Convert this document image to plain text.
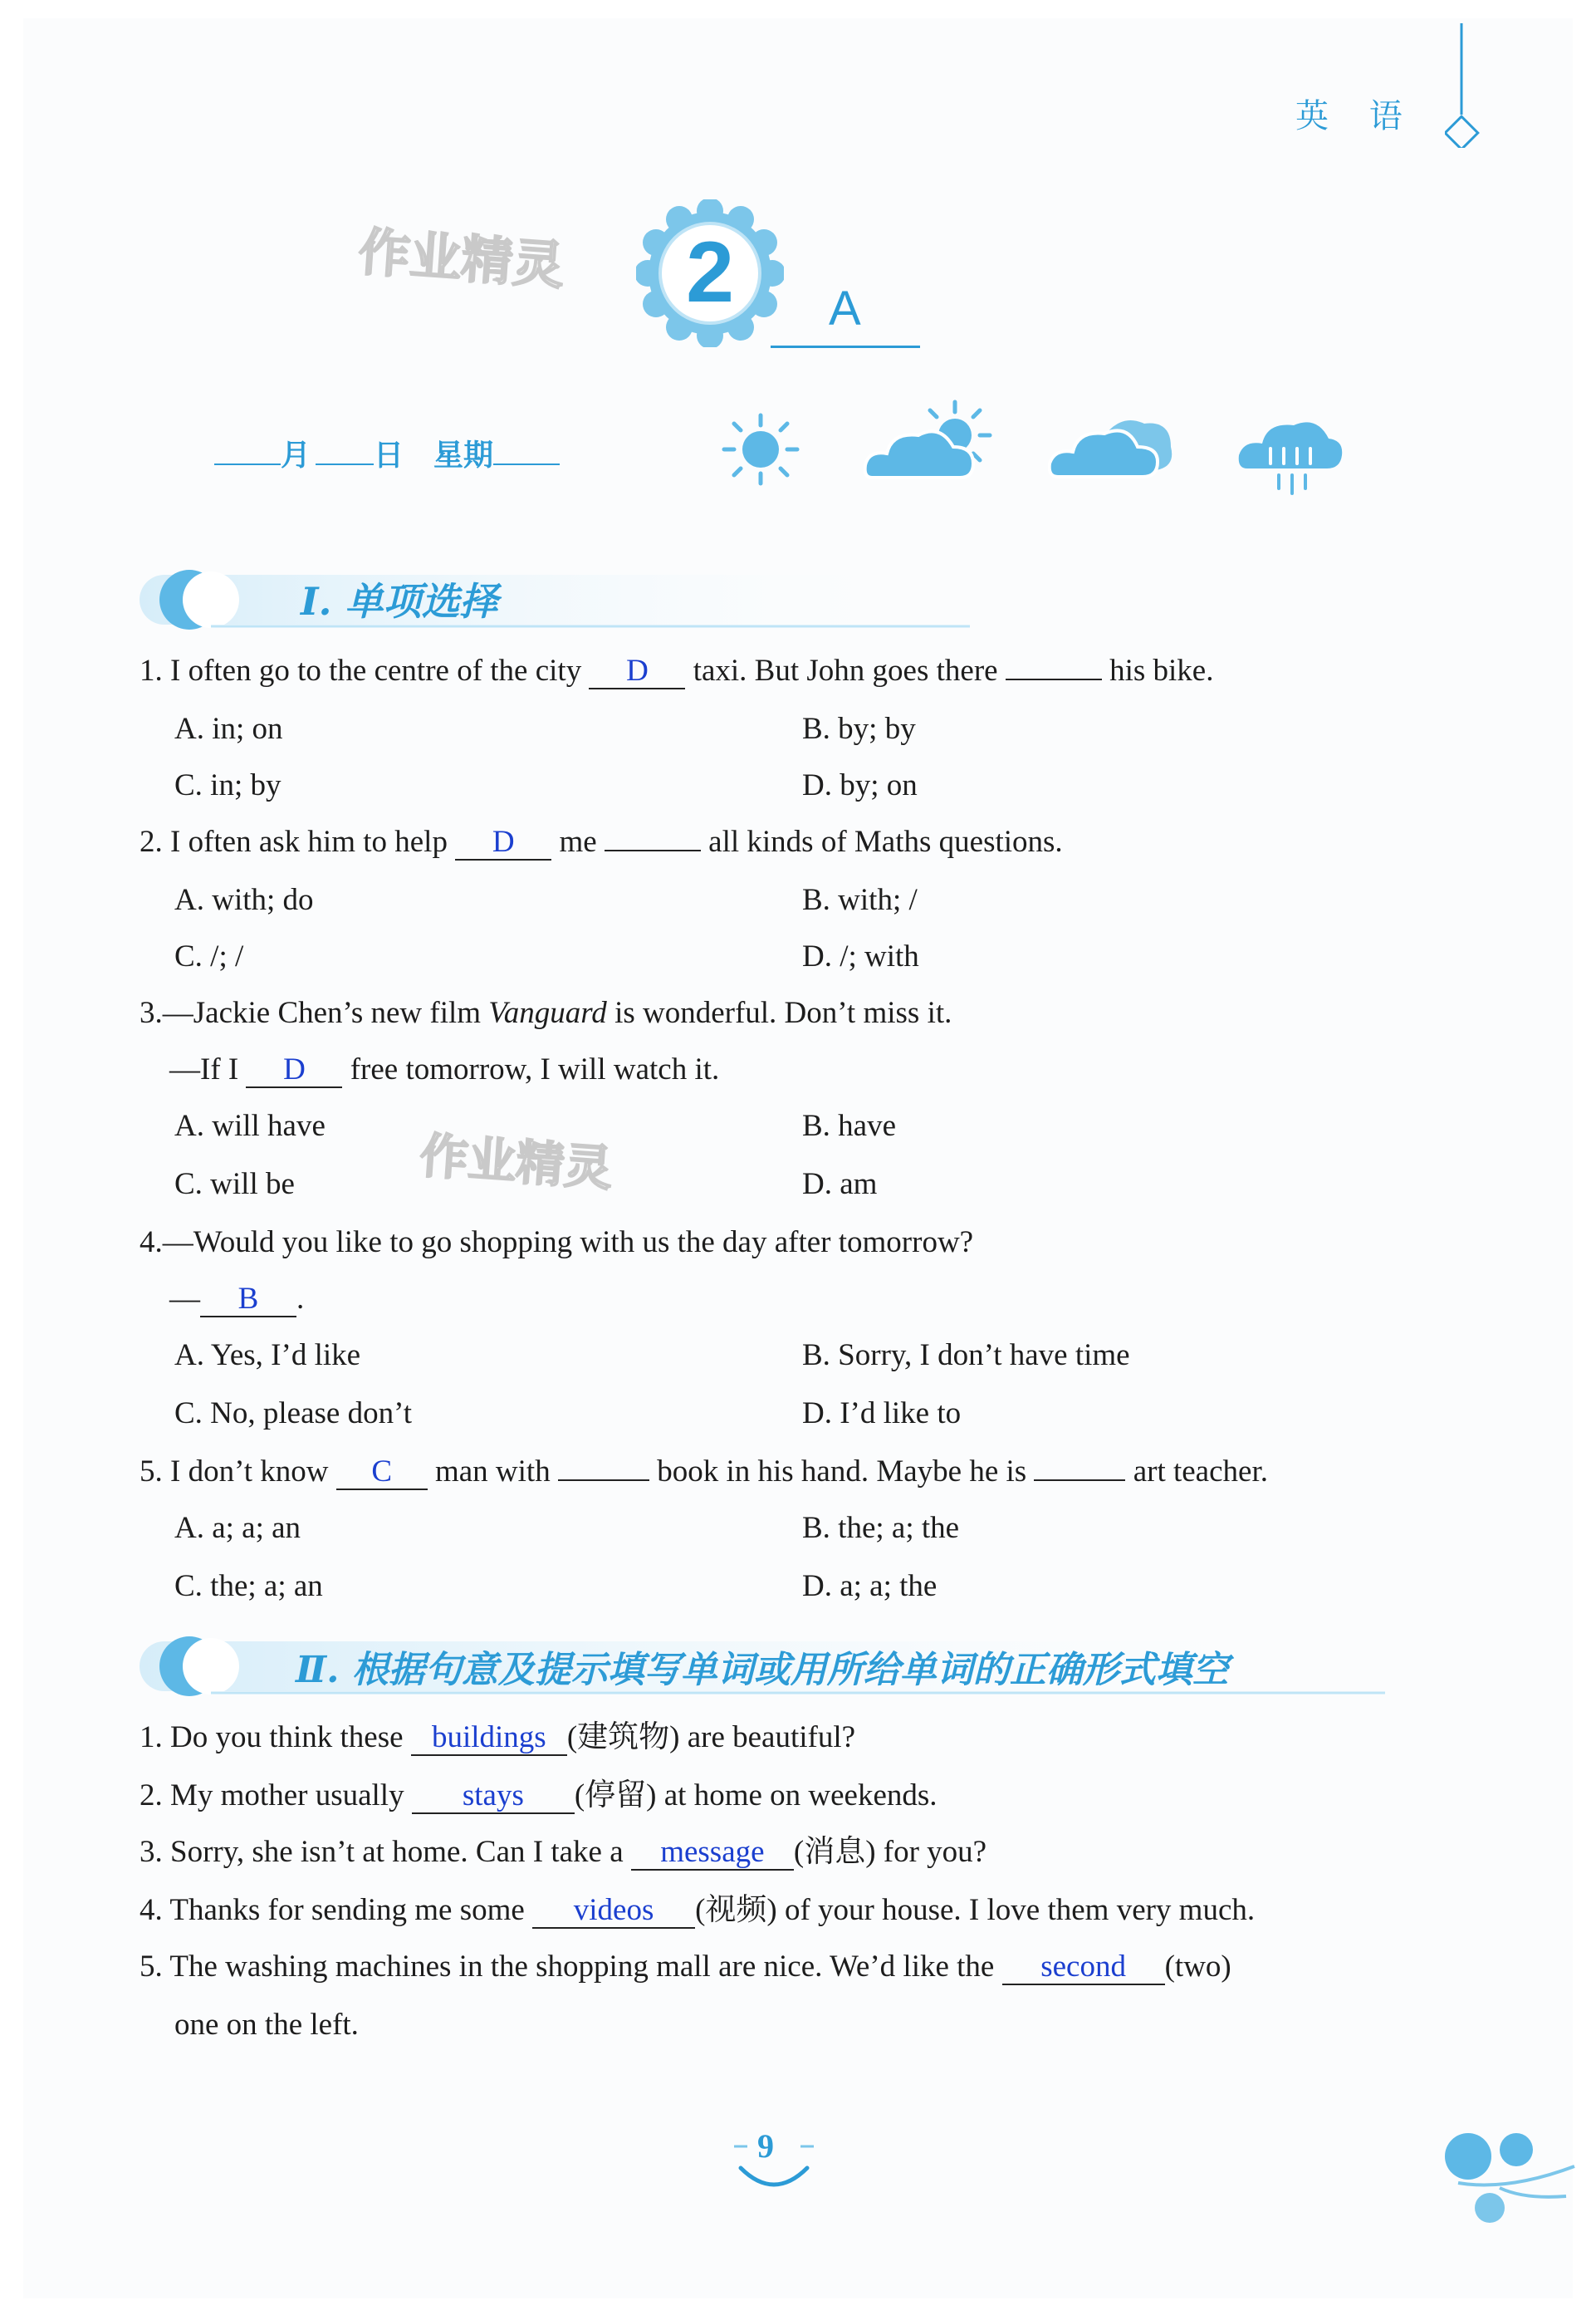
英 语
作业精灵	2	A
月 日 星期
Ⅰ. 单项选择
1. I often go to the centre of the city D taxi. But John goes there	his bike.
A. in; on	B. by; by
C. in; by	D. by; on
2. I often ask him to help D me	all kinds of Maths questions.
A. with; do	B. with; /
C. /; /	D. /; with
3.—Jackie Chen’s new film Vanguard is wonderful. Don’t miss it.
—If I D free tomorrow, I will watch it.
A. will have	B. have
C. will be	D. am
作业精灵
4.—Would you like to go shopping with us the day after tomorrow?
— B .
A. Yes, I’d like	B. Sorry, I don’t have time
C. No, please don’t	D. I’d like to
5. I don’t know C man with	book in his hand. Maybe he is	art teacher.
A. a; a; an	B. the; a; the
C. the; a; an	D. a; a; the
Ⅱ. 根据句意及提示填写单词或用所给单词的正确形式填空
1. Do you think these buildings (建筑物) are beautiful?
2. My mother usually stays (停留) at home on weekends.
3. Sorry, she isn’t at home. Can I take a message (消息) for you?
4. Thanks for sending me some videos (视频) of your house. I love them very much.
5. The washing machines in the shopping mall are nice. We’d like the second (two)
one on the left.
9
